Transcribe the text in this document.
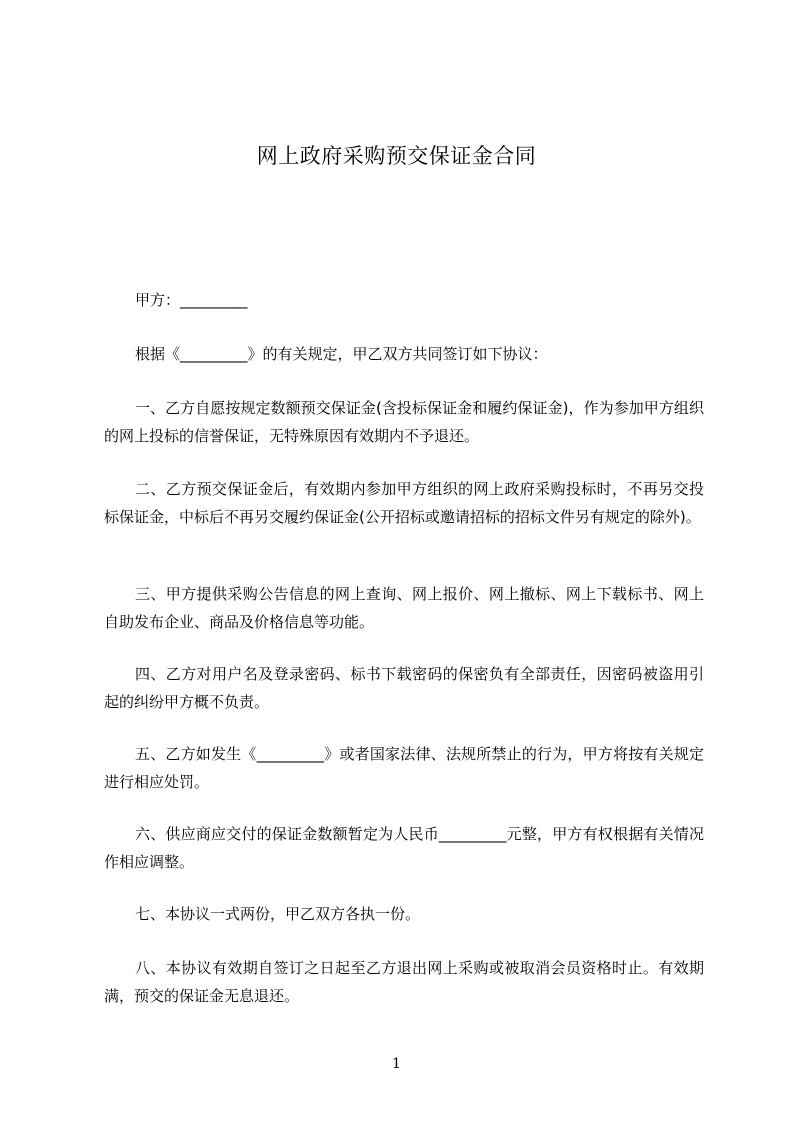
网上政府采购预交保证金合同

甲方：_________

根据《_________》的有关规定，甲乙双方共同签订如下协议：

一、乙方自愿按规定数额预交保证金(含投标保证金和履约保证金)，作为参加甲方组织的网上投标的信誉保证，无特殊原因有效期内不予退还。

二、乙方预交保证金后，有效期内参加甲方组织的网上政府采购投标时，不再另交投标保证金，中标后不再另交履约保证金(公开招标或邀请招标的招标文件另有规定的除外)。

三、甲方提供采购公告信息的网上查询、网上报价、网上撤标、网上下载标书、网上自助发布企业、商品及价格信息等功能。

四、乙方对用户名及登录密码、标书下载密码的保密负有全部责任，因密码被盗用引起的纠纷甲方概不负责。

五、乙方如发生《_________》或者国家法律、法规所禁止的行为，甲方将按有关规定进行相应处罚。

六、供应商应交付的保证金数额暂定为人民币_________元整，甲方有权根据有关情况作相应调整。

七、本协议一式两份，甲乙双方各执一份。

八、本协议有效期自签订之日起至乙方退出网上采购或被取消会员资格时止。有效期满，预交的保证金无息退还。

1
